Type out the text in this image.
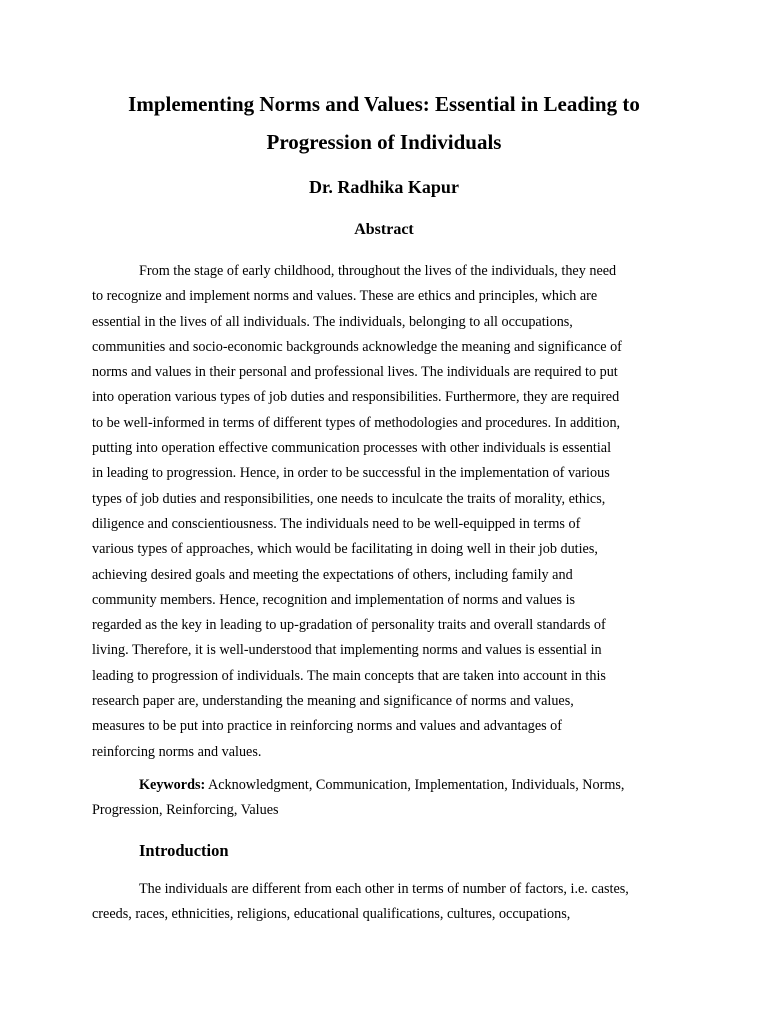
Implementing Norms and Values: Essential in Leading to
Progression of Individuals
Dr. Radhika Kapur
Abstract

From the stage of early childhood, throughout the lives of the individuals, they need
to recognize and implement norms and values. These are ethics and principles, which are
essential in the lives of all individuals. The individuals, belonging to all occupations,
communities and socio-economic backgrounds acknowledge the meaning and significance of
norms and values in their personal and professional lives. The individuals are required to put
into operation various types of job duties and responsibilities. Furthermore, they are required
to be well-informed in terms of different types of methodologies and procedures. In addition,
putting into operation effective communication processes with other individuals is essential
in leading to progression. Hence, in order to be successful in the implementation of various
types of job duties and responsibilities, one needs to inculcate the traits of morality, ethics,
diligence and conscientiousness. The individuals need to be well-equipped in terms of
various types of approaches, which would be facilitating in doing well in their job duties,
achieving desired goals and meeting the expectations of others, including family and
community members. Hence, recognition and implementation of norms and values is
regarded as the key in leading to up-gradation of personality traits and overall standards of
living. Therefore, it is well-understood that implementing norms and values is essential in
leading to progression of individuals. The main concepts that are taken into account in this
research paper are, understanding the meaning and significance of norms and values,
measures to be put into practice in reinforcing norms and values and advantages of
reinforcing norms and values.

Keywords: Acknowledgment, Communication, Implementation, Individuals, Norms,
Progression, Reinforcing, Values

Introduction

The individuals are different from each other in terms of number of factors, i.e. castes,
creeds, races, ethnicities, religions, educational qualifications, cultures, occupations,
